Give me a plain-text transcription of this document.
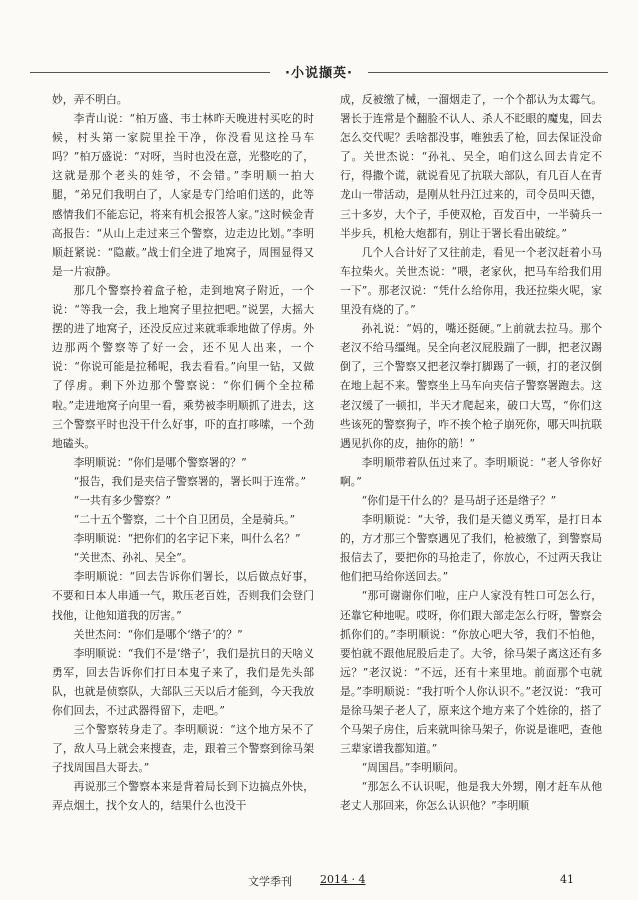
·小说撷英·

妙，弄不明白。

李青山说：“柏万盛、韦士林昨天晚进村买吃的时候，村头第一家院里拴干净，你没看见这拴马车吗？”柏万盛说：“对呀，当时也没在意，光整吃的了，这就是那个老头的娃爷，不会错。”李明顺一拍大腿，“弟兄们我明白了，人家是专门给咱们送的，此等感情我们不能忘记，将来有机会报答人家。”这时候金青高报告：“从山上走过来三个警察，边走边比划。”李明顺赶紧说：“隐蔽。”战士们全进了地窝子，周围显得又是一片寂静。

那几个警察拎着盒子枪，走到地窝子附近，一个说：“等我一会，我上地窝子里拉把吧。”说罢，大摇大摆的进了地窝子，还没反应过来就乖乖地做了俘虏。外边那两个警察等了好一会，还不见人出来，一个说：“你说可能是拉稀呢，我去看看。”向里一钻，又做了俘虏。剩下外边那个警察说：“你们俩个全拉稀啦。”走进地窝子向里一看，乘势被李明顺抓了进去，这三个警察平时也没干什么好事，吓的直打哆嗦，一个劲地磕头。

李明顺说：“你们是哪个警察署的？”

“报告，我们是夹信子警察署的，署长叫于连常。”

“一共有多少警察？”

“二十五个警察，二十个自卫团员，全是骑兵。”

李明顺说：“把你们的名字记下来，叫什么名？”

“关世杰、孙礼、吴全”。

李明顺说：“回去告诉你们署长，以后做点好事，不要和日本人串通一气，欺压老百姓，否则我们会登门找他，让他知道我的厉害。”

关世杰问：“你们是哪个‘绺子’的？”

李明顺说：“我们不是‘绺子’，我们是抗日的天啥义勇军，回去告诉你们打日本鬼子来了，我们是先头部队，也就是侦察队，大部队三天以后才能到，今天我放你们回去，不过武器得留下，走吧。”

三个警察转身走了。李明顺说：“这个地方呆不了了，敌人马上就会来搜查，走，跟着三个警察到徐马架子找周国昌大哥去。”

再说那三个警察本来是背着局长到下边搞点外快，弄点烟土，找个女人的，结果什么也没干

成，反被缴了械，一溜烟走了，一个个都认为太霉气。署长于连常是个翻脸不认人、杀人不眨眼的魔鬼，回去怎么交代呢？丢啥都没事，唯独丢了枪，回去保证没命了。关世杰说：“孙礼、吴全，咱们这么回去肯定不行，得撒个谎，就说看见了抗联大部队，有几百人在青龙山一带活动，是刚从牡丹江过来的，司令员叫天德，三十多岁，大个子，手使双枪，百发百中，一半骑兵一半步兵，机枪大炮都有，别让于署长看出破绽。”

几个人合计好了又往前走，看见一个老汉赶着小马车拉柴火。关世杰说：“喂，老家伙，把马车给我们用一下”。那老汉说：“凭什么给你用，我还拉柴火呢，家里没有烧的了。”

孙礼说：“妈的，嘴还挺硬。”上前就去拉马。那个老汉不给马缰绳。吴全向老汉屁股踹了一脚，把老汉踢倒了，三个警察又把老汉拳打脚踢了一顿，打的老汉倒在地上起不来。警察坐上马车向夹信子警察署跑去。这老汉缓了一顿扣，半天才爬起来，破口大骂，“你们这些该死的警察狗子，咋不挨个枪子崩死你，哪天叫抗联遇见扒你的皮，抽你的筋！”

李明顺带着队伍过来了。李明顺说：“老人爷你好啊。”

“你们是干什么的？是马胡子还是绺子？”

李明顺说：“大爷，我们是天德义勇军，是打日本的，方才那三个警察遇见了我们，枪被缴了，到警察局报信去了，要把你的马抢走了，你放心，不过两天我让他们把马给你送回去。”

“那可谢谢你们啦，庄户人家没有牲口可怎么行，还靠它种地呢。哎呀，你们跟大部走怎么行呀，警察会抓你们的。”李明顺说：“你放心吧大爷，我们不怕他，要怕就不跟他屁股后走了。大爷，徐马架子离这还有多远？”老汉说：“不远，还有十来里地。前面那个屯就是。”李明顺说：“我打听个人你认识不。”老汉说：“我可是徐马架子老人了，原来这个地方来了个姓徐的，搭了个马架子房住，后来就叫徐马架子，你说是谁吧，查他三辈家谱我都知道。”

“周国昌。”李明顺问。

“那怎么不认识呢，他是我大外甥，刚才赶车从他老丈人那回来，你怎么认识他？”李明顺

文学季刊	2014 · 4	41
